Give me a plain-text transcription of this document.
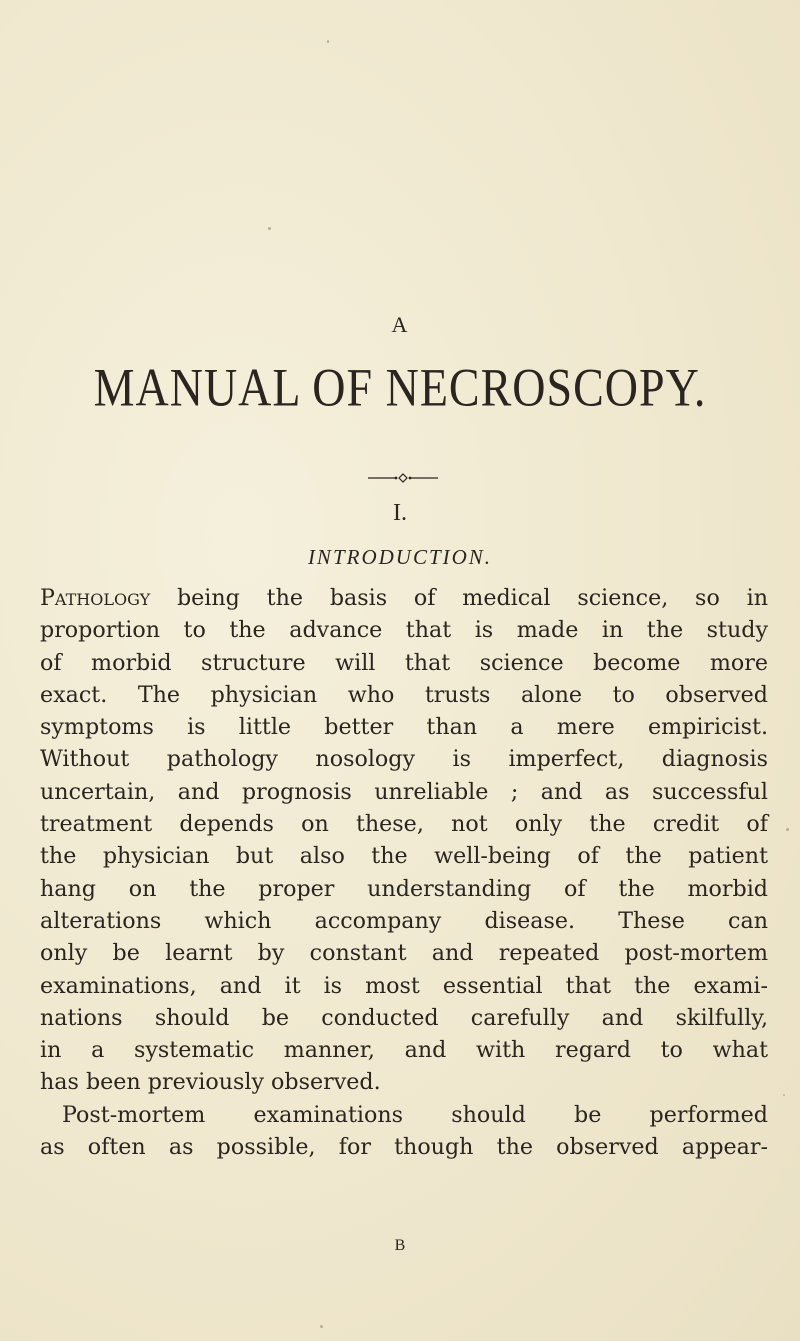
A
MANUAL OF NECROSCOPY.
I.
INTRODUCTION.
Pathology being the basis of medical science, so in
proportion to the advance that is made in the study
of morbid structure will that science become more
exact. The physician who trusts alone to observed
symptoms is little better than a mere empiricist.
Without pathology nosology is imperfect, diagnosis
uncertain, and prognosis unreliable ; and as successful
treatment depends on these, not only the credit of
the physician but also the well-being of the patient
hang on the proper understanding of the morbid
alterations which accompany disease. These can
only be learnt by constant and repeated post-mortem
examinations, and it is most essential that the exami-
nations should be conducted carefully and skilfully,
in a systematic manner, and with regard to what
has been previously observed.
Post-mortem examinations should be performed
as often as possible, for though the observed appear-
B
